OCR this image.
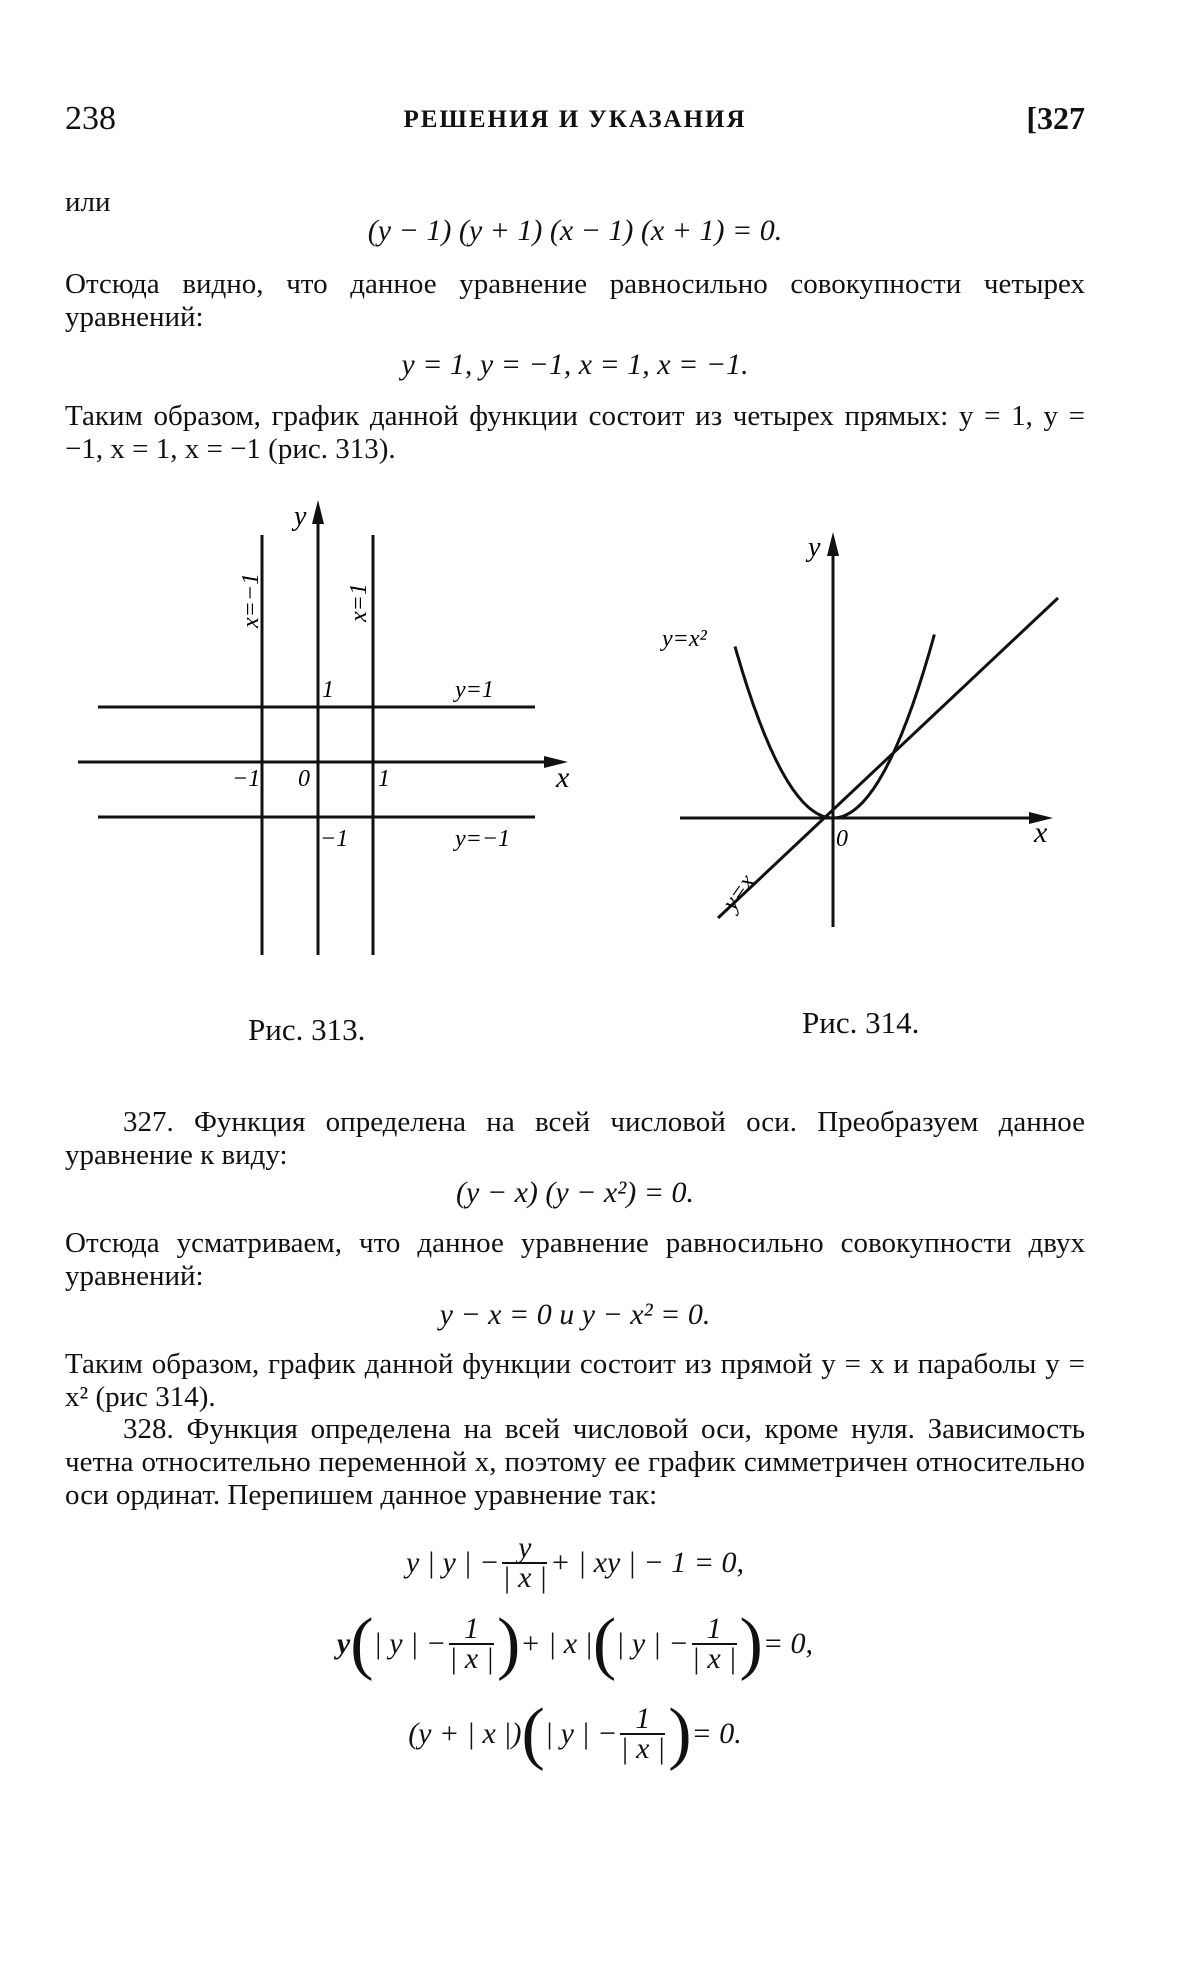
238	РЕШЕНИЯ И УКАЗАНИЯ	[327
или
(y − 1) (y + 1) (x − 1) (x + 1) = 0.
Отсюда видно, что данное уравнение равносильно совокупности четырех уравнений:
y = 1, y = −1, x = 1, x = −1.
Таким образом, график данной функции состоит из четырех прямых: y = 1, y = −1, x = 1, x = −1 (рис. 313).
y
x
x=−1	x=1
y=1
y=−1
1
−1 0	1
−1
Рис. 313.
y
x
y=x²
y=x
0
Рис. 314.
327. Функция определена на всей числовой оси. Преобразуем данное уравнение к виду:
(y − x) (y − x²) = 0.
Отсюда усматриваем, что данное уравнение равносильно совокупности двух уравнений:
y − x = 0 и y − x² = 0.
Таким образом, график данной функции состоит из прямой y = x и параболы y = x² (рис 314).
328. Функция определена на всей числовой оси, кроме нуля. Зависимость четна относительно переменной x, поэтому ее график симметричен относительно оси ординат. Перепишем данное уравнение так:
y | y | − $\frac{y}{| x |}$ + | xy | − 1 = 0,
y ( | y | − $\frac{1}{| x |}$ ) + | x | ( | y | − $\frac{1}{| x |}$ ) = 0,
(y + | x |) ( | y | − $\frac{1}{| x |}$ ) = 0.
